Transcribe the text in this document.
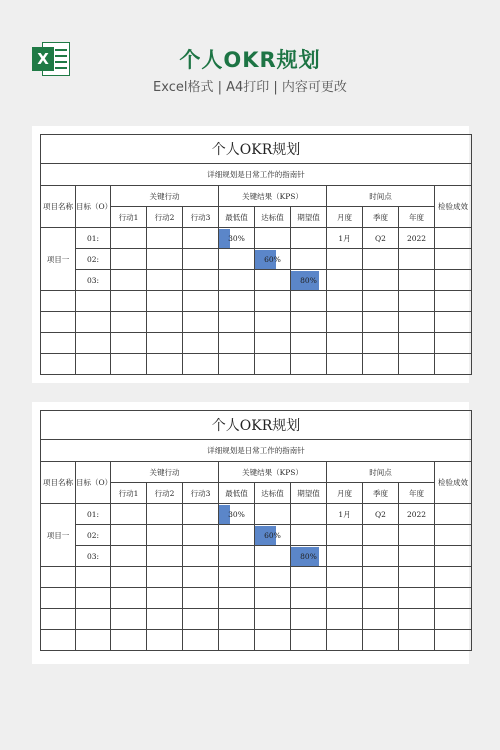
X	个人OKR规划
Excel格式 | A4打印 | 内容可更改
个人OKR规划											
详细规划是日常工作的指南针											
项目名称	目标（O）	关键行动			关键结果（KPS）			时间点			检验成效
		行动1	行动2	行动3	最低值	达标值	期望值	月度	季度	年度	
项目一	01:				30%			1月	Q2	2022	
	02:					60%					

	03:						80%				

个人OKR规划											
详细规划是日常工作的指南针											
项目名称	目标（O）	关键行动			关键结果（KPS）			时间点			检验成效
		行动1	行动2	行动3	最低值	达标值	期望值	月度	季度	年度	
项目一	01:				30%			1月	Q2	2022	
	02:					60%					

	03:						80%				
